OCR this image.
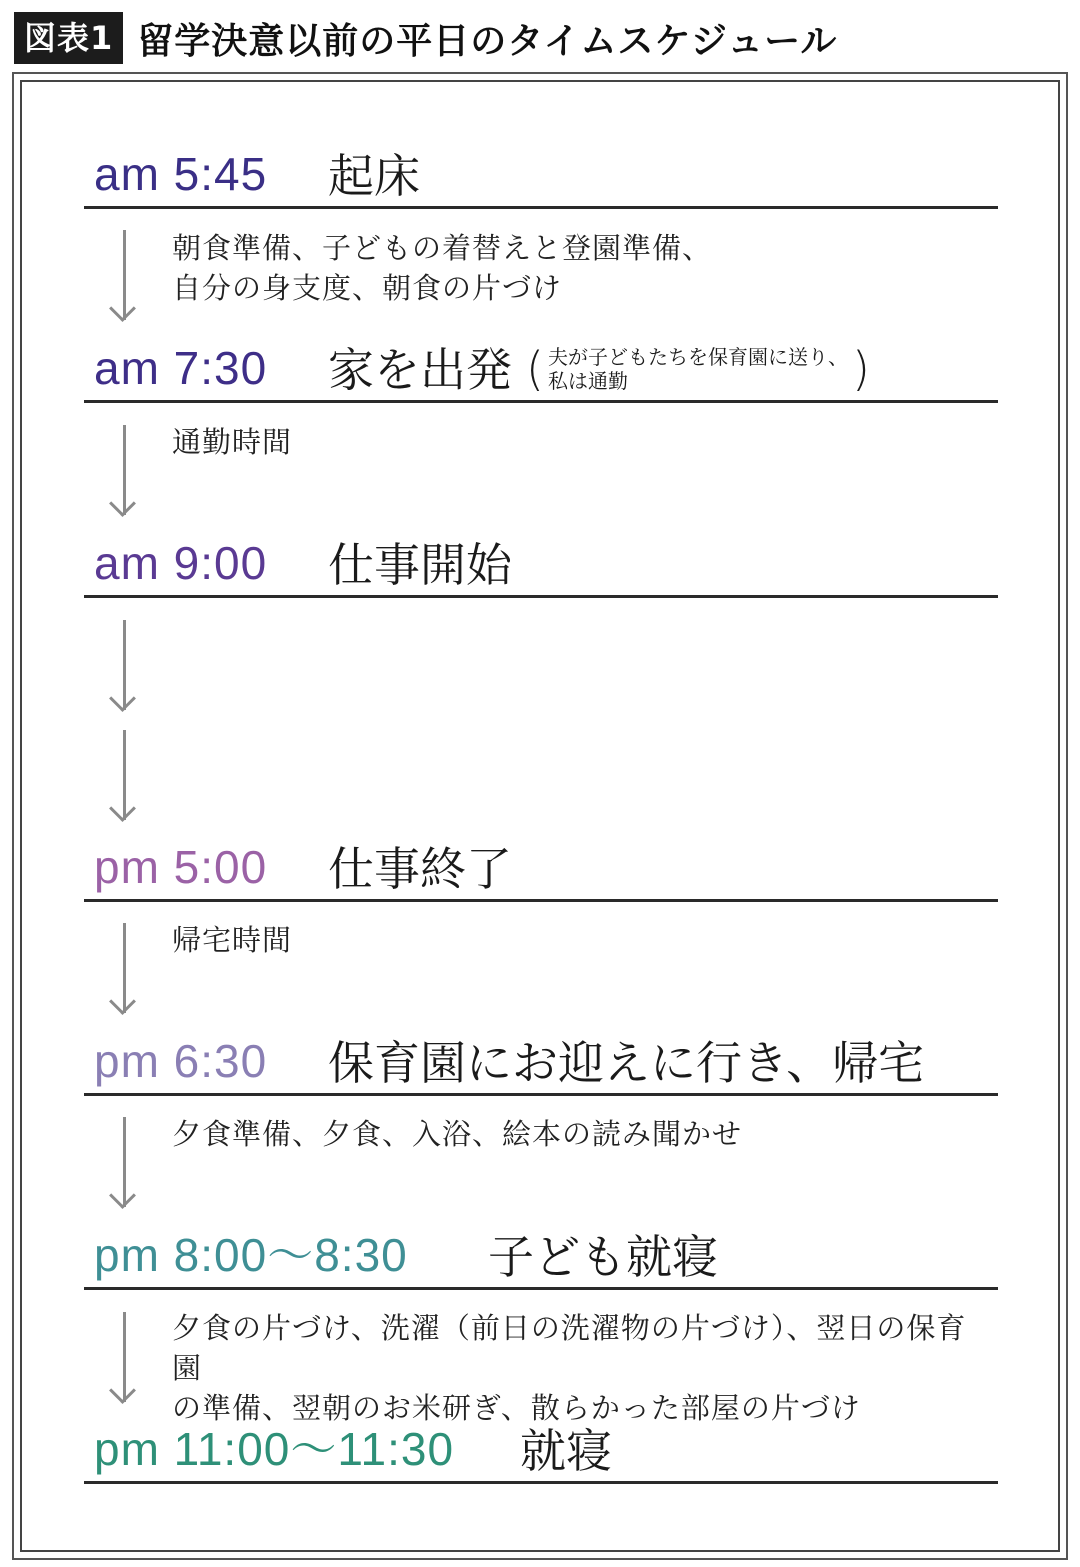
図表1 留学決意以前の平日のタイムスケジュール
am 5:45 起床
朝食準備、子どもの着替えと登園準備、
自分の身支度、朝食の片づけ
am 7:30 家を出発 ( 夫が子どもたちを保育園に送り、
私は通勤	)
通勤時間
am 9:00 仕事開始
pm 5:00 仕事終了
帰宅時間
pm 6:30 保育園にお迎えに行き、帰宅
夕食準備、夕食、入浴、絵本の読み聞かせ
pm 8:00〜8:30 子ども就寝
夕食の片づけ、洗濯（前日の洗濯物の片づけ）、翌日の保育園
の準備、翌朝のお米研ぎ、散らかった部屋の片づけ
pm 11:00〜11:30 就寝
